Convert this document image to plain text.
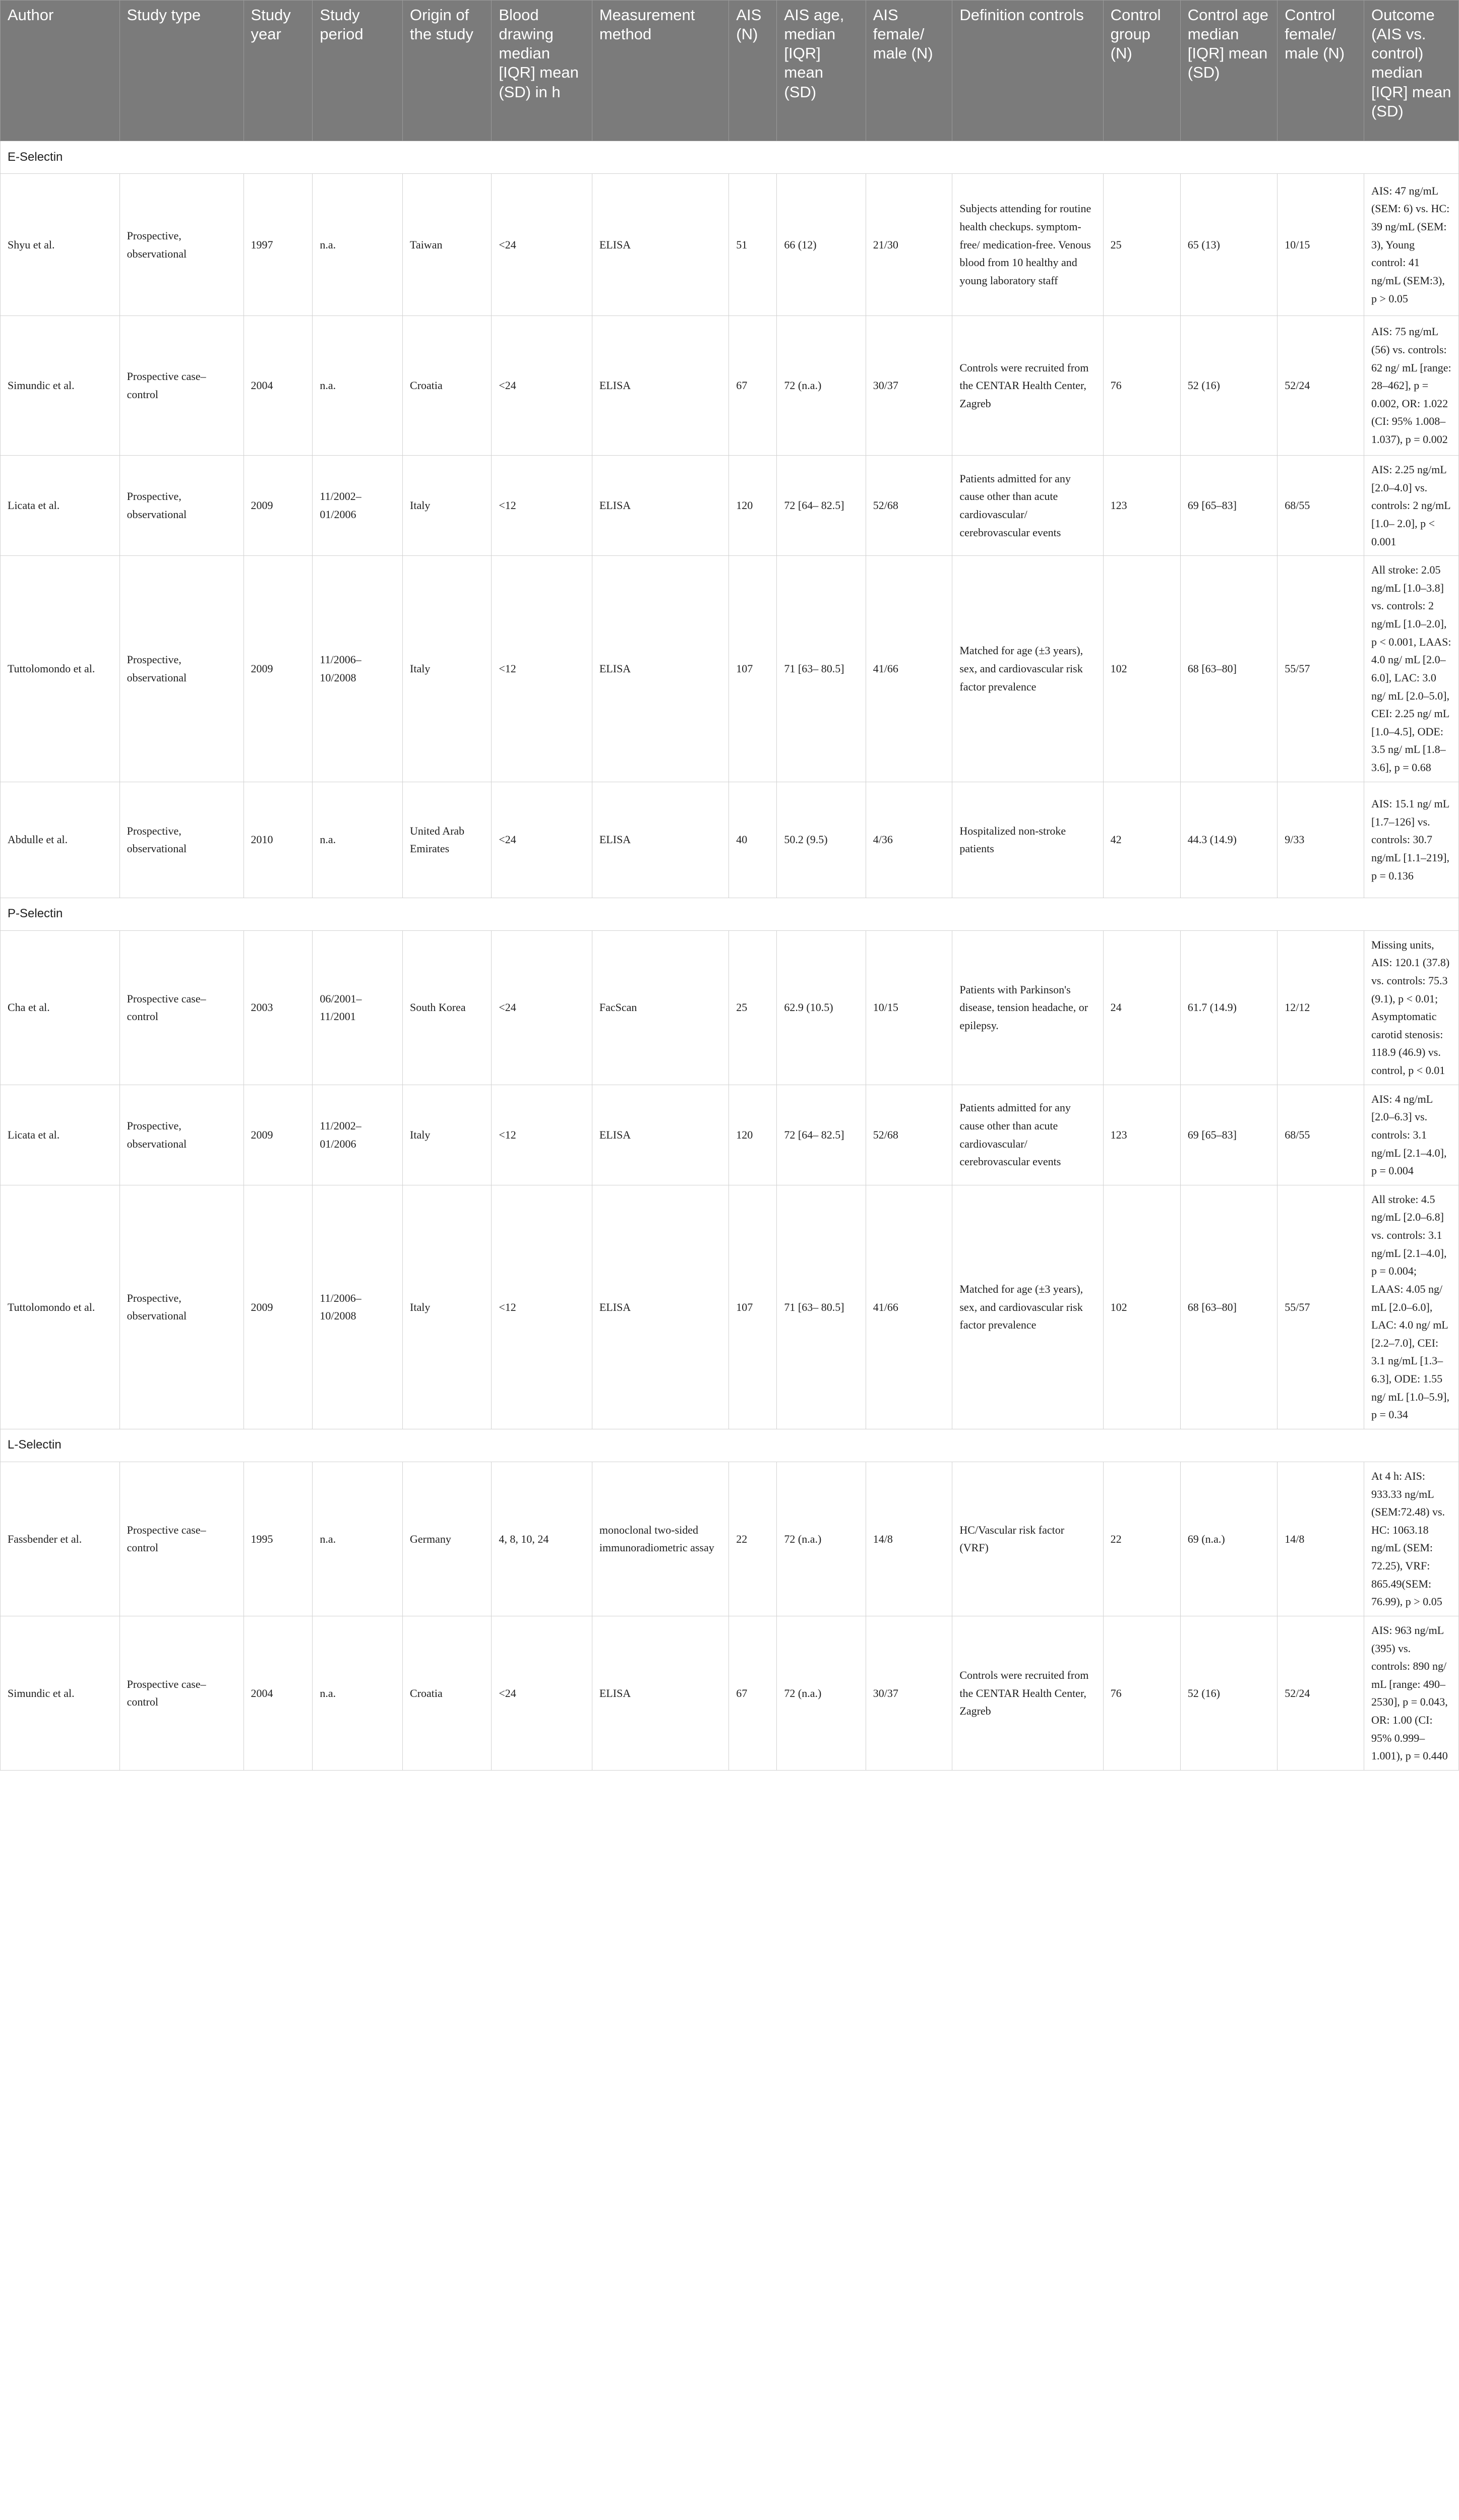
Author	Study type	Study year	Study period	Origin of the study	Blood drawing median [IQR] mean (SD) in h	Measurement method	AIS (N)	AIS age, median [IQR] mean (SD)	AIS female/ male (N)	Definition controls	Control group (N)	Control age median [IQR] mean (SD)	Control female/ male (N)	Outcome (AIS vs. control) median [IQR] mean (SD)
E-Selectin														
Shyu et al.	Prospective, observational	1997	n.a.	Taiwan	<24	ELISA	51	66 (12)	21/30	Subjects attending for routine health checkups. symptom-free/ medication-free. Venous blood from 10 healthy and young laboratory staff	25	65 (13)	10/15	AIS: 47 ng/mL (SEM: 6) vs. HC: 39 ng/mL (SEM: 3), Young control: 41 ng/mL (SEM:3), p > 0.05
Simundic et al.	Prospective case–control	2004	n.a.	Croatia	<24	ELISA	67	72 (n.a.)	30/37	Controls were recruited from the CENTAR Health Center, Zagreb	76	52 (16)	52/24	AIS: 75 ng/mL (56) vs. controls: 62 ng/ mL [range: 28–462], p = 0.002, OR: 1.022 (CI: 95% 1.008– 1.037), p = 0.002
Licata et al.	Prospective, observational	2009	11/2002– 01/2006	Italy	<12	ELISA	120	72 [64– 82.5]	52/68	Patients admitted for any cause other than acute cardiovascular/ cerebrovascular events	123	69 [65–83]	68/55	AIS: 2.25 ng/mL [2.0–4.0] vs. controls: 2 ng/mL [1.0– 2.0], p < 0.001
Tuttolomondo et al.	Prospective, observational	2009	11/2006– 10/2008	Italy	<12	ELISA	107	71 [63– 80.5]	41/66	Matched for age (±3 years), sex, and cardiovascular risk factor prevalence	102	68 [63–80]	55/57	All stroke: 2.05 ng/mL [1.0–3.8] vs. controls: 2 ng/mL [1.0–2.0], p < 0.001, LAAS: 4.0 ng/ mL [2.0–6.0], LAC: 3.0 ng/ mL [2.0–5.0], CEI: 2.25 ng/ mL [1.0–4.5], ODE: 3.5 ng/ mL [1.8–3.6], p = 0.68
Abdulle et al.	Prospective, observational	2010	n.a.	United Arab Emirates	<24	ELISA	40	50.2 (9.5)	4/36	Hospitalized non-stroke patients	42	44.3 (14.9)	9/33	AIS: 15.1 ng/ mL [1.7–126] vs. controls: 30.7 ng/mL [1.1–219], p = 0.136
P-Selectin														
Cha et al.	Prospective case–control	2003	06/2001– 11/2001	South Korea	<24	FacScan	25	62.9 (10.5)	10/15	Patients with Parkinson's disease, tension headache, or epilepsy.	24	61.7 (14.9)	12/12	Missing units, AIS: 120.1 (37.8) vs. controls: 75.3 (9.1), p < 0.01; Asymptomatic carotid stenosis: 118.9 (46.9) vs. control, p < 0.01
Licata et al.	Prospective, observational	2009	11/2002– 01/2006	Italy	<12	ELISA	120	72 [64– 82.5]	52/68	Patients admitted for any cause other than acute cardiovascular/ cerebrovascular events	123	69 [65–83]	68/55	AIS: 4 ng/mL [2.0–6.3] vs. controls: 3.1 ng/mL [2.1–4.0], p = 0.004
Tuttolomondo et al.	Prospective, observational	2009	11/2006– 10/2008	Italy	<12	ELISA	107	71 [63– 80.5]	41/66	Matched for age (±3 years), sex, and cardiovascular risk factor prevalence	102	68 [63–80]	55/57	All stroke: 4.5 ng/mL [2.0–6.8] vs. controls: 3.1 ng/mL [2.1–4.0], p = 0.004; LAAS: 4.05 ng/ mL [2.0–6.0], LAC: 4.0 ng/ mL [2.2–7.0], CEI: 3.1 ng/mL [1.3–6.3], ODE: 1.55 ng/ mL [1.0–5.9], p = 0.34
L-Selectin														
Fassbender et al.	Prospective case–control	1995	n.a.	Germany	4, 8, 10, 24	monoclonal two-sided immunoradiometric assay	22	72 (n.a.)	14/8	HC/Vascular risk factor (VRF)	22	69 (n.a.)	14/8	At 4 h: AIS: 933.33 ng/mL (SEM:72.48) vs. HC: 1063.18 ng/mL (SEM: 72.25), VRF: 865.49(SEM: 76.99), p > 0.05
Simundic et al.	Prospective case–control	2004	n.a.	Croatia	<24	ELISA	67	72 (n.a.)	30/37	Controls were recruited from the CENTAR Health Center, Zagreb	76	52 (16)	52/24	AIS: 963 ng/mL (395) vs. controls: 890 ng/ mL [range: 490–2530], p = 0.043, OR: 1.00 (CI: 95% 0.999– 1.001), p = 0.440
